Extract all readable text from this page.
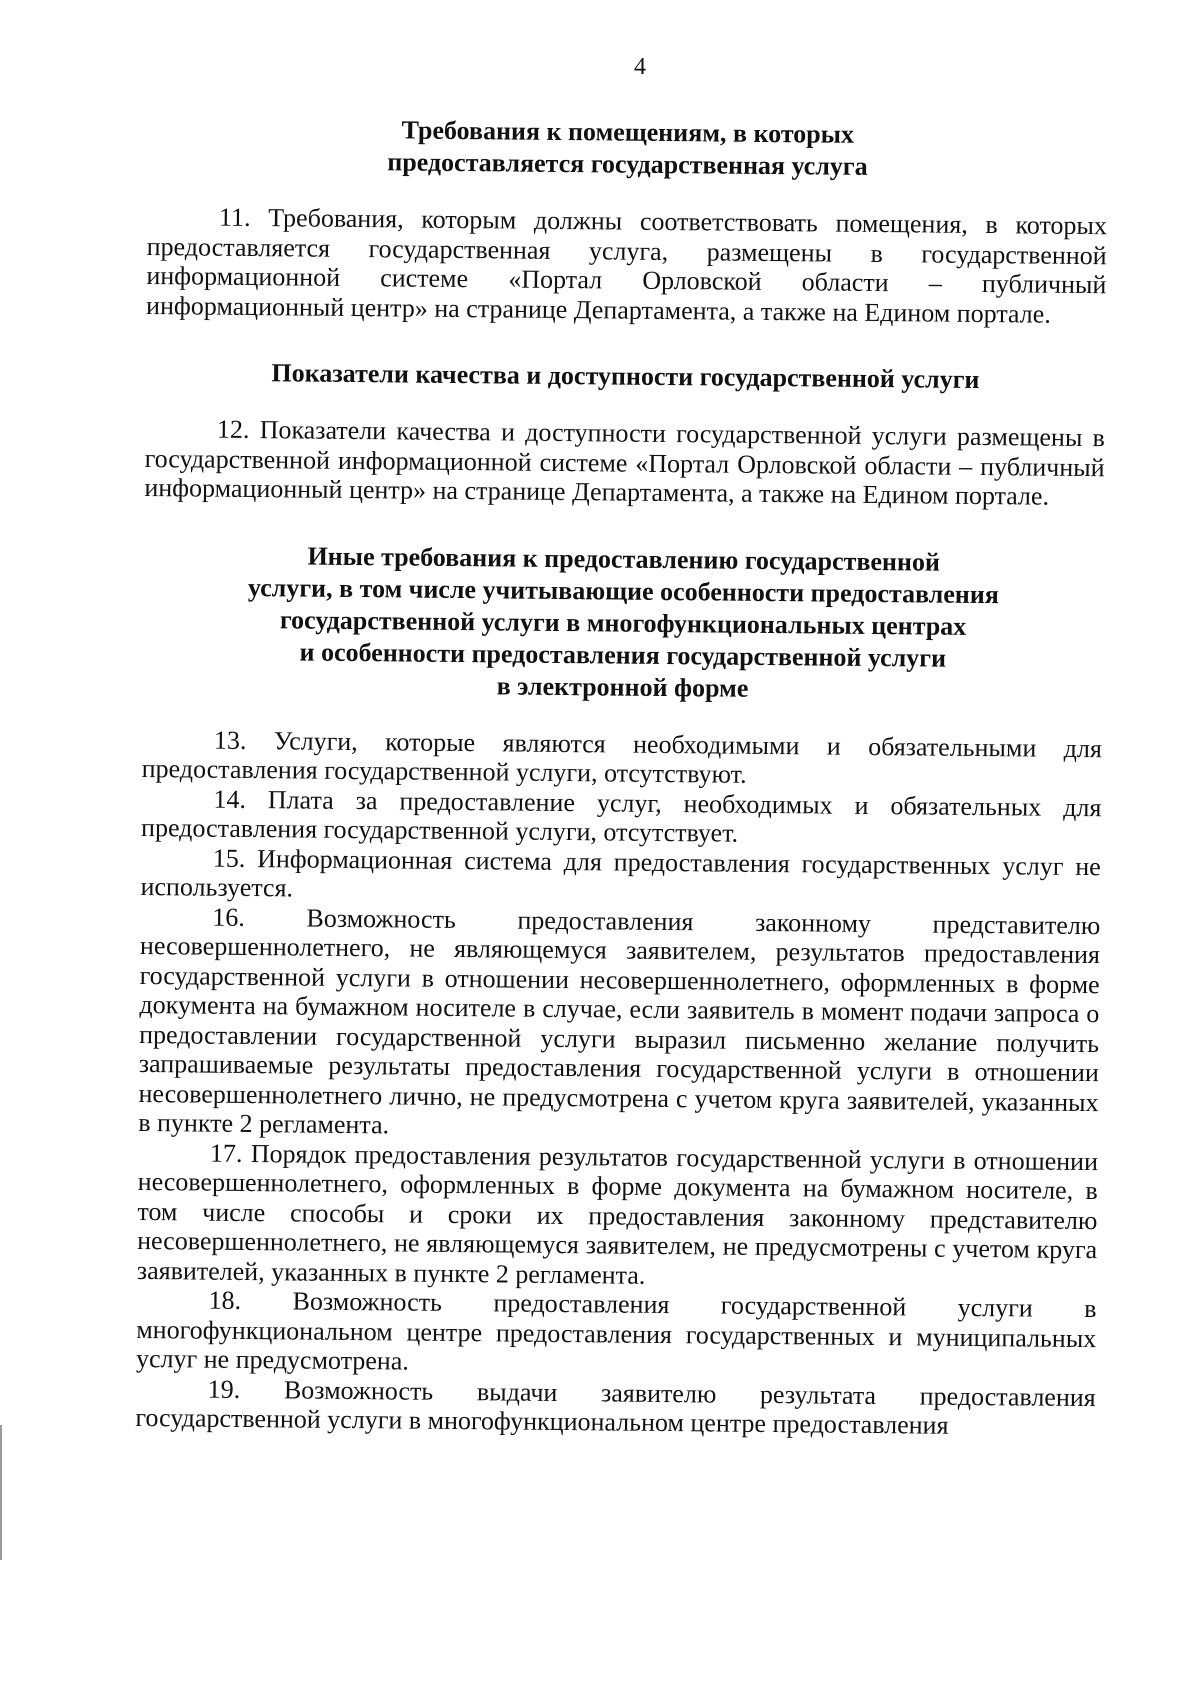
4
Требования к помещениям, в которых
предоставляется государственная услуга

11. Требования, которым должны соответствовать помещения, в которых предоставляется государственная услуга, размещены в государственной информационной системе «Портал Орловской области – публичный информационный центр» на странице Департамента, а также на Едином портале.

Показатели качества и доступности государственной услуги

12. Показатели качества и доступности государственной услуги размещены в государственной информационной системе «Портал Орловской области – публичный информационный центр» на странице Департамента, а также на Едином портале.

Иные требования к предоставлению государственной
услуги, в том числе учитывающие особенности предоставления
государственной услуги в многофункциональных центрах
и особенности предоставления государственной услуги
в электронной форме

13. Услуги, которые являются необходимыми и обязательными для предоставления государственной услуги, отсутствуют.

14. Плата за предоставление услуг, необходимых и обязательных для предоставления государственной услуги, отсутствует.

15. Информационная система для предоставления государственных услуг не используется.

16. Возможность предоставления законному представителю несовершеннолетнего, не являющемуся заявителем, результатов предоставления государственной услуги в отношении несовершеннолетнего, оформленных в форме документа на бумажном носителе в случае, если заявитель в момент подачи запроса о предоставлении государственной услуги выразил письменно желание получить запрашиваемые результаты предоставления государственной услуги в отношении несовершеннолетнего лично, не предусмотрена с учетом круга заявителей, указанных в пункте 2 регламента.

17. Порядок предоставления результатов государственной услуги в отношении несовершеннолетнего, оформленных в форме документа на бумажном носителе, в том числе способы и сроки их предоставления законному представителю несовершеннолетнего, не являющемуся заявителем, не предусмотрены с учетом круга заявителей, указанных в пункте 2 регламента.

18. Возможность предоставления государственной услуги в многофункциональном центре предоставления государственных и муниципальных услуг не предусмотрена.

19. Возможность выдачи заявителю результата предоставления государственной услуги в многофункциональном центре предоставления
